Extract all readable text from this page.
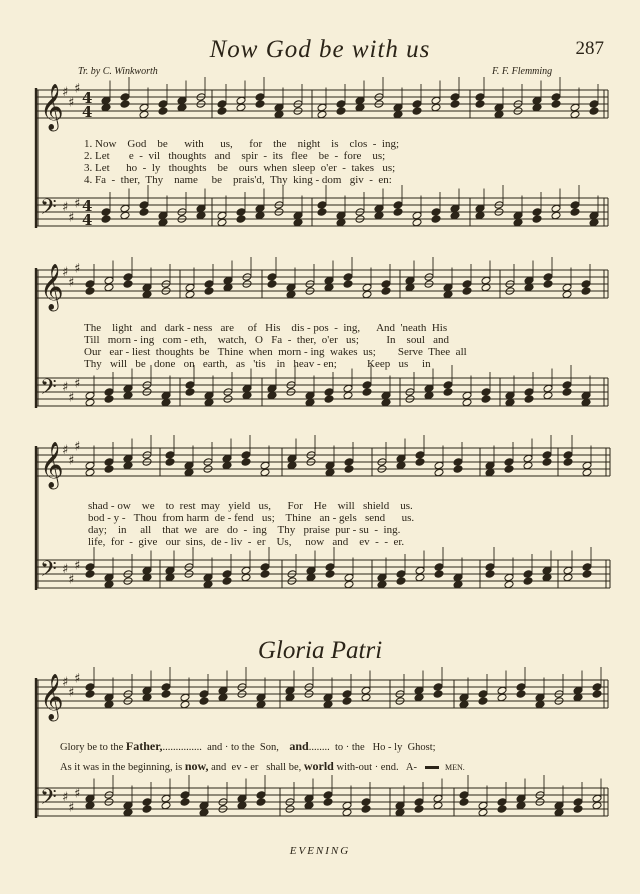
Now God be with us	287
Tr. by C. Winkworth	F. F. Flemming
𝄞
𝄢
♯
♯
♯
♯
♯
♯
4
4
4
4
𝄞
𝄢
♯
♯
♯
♯
♯
♯
𝄞
𝄢
♯
♯
♯
♯
♯
♯
𝄞
𝄢
♯
♯
♯
♯
♯
♯
1. Now    God    be      with      us,      for    the    night    is    clos  -  ing;
2. Let       e  -  vil   thoughts   and    spir  -  its   flee    be  -  fore    us;
3. Let      ho  -  ly   thoughts    be    ours  when  sleep  o'er  -  takes   us;
4. Fa  -  ther,  Thy    name     be    prais'd,  Thy  king - dom   giv  -  en:
The    light   and   dark - ness   are     of   His    dis - pos  -  ing,      And  'neath  His
Till   morn - ing   com - eth,    watch,   O   Fa  -  ther,  o'er   us;          In    soul   and
Our   ear - liest  thoughts  be   Thine  when  morn - ing  wakes  us;        Serve  Thee  all
Thy   will   be   done   on   earth,   as   'tis    in   heav - en;           Keep   us     in
shad - ow    we    to  rest  may   yield   us,      For    He    will   shield    us.
bod - y -   Thou  from harm  de - fend   us;    Thine   an - gels   send      us.
day;    in     all    that  we   are   do  -  ing    Thy   praise  pur - su  -  ing.
life,  for  -  give   our  sins,  de - liv  -  er    Us,     now   and    ev  -  -  er.
Gloria Patri
Glory be to the Father,...............  and · to the  Son,    and........  to · the   Ho - ly  Ghost;
As it was in the beginning, is now, and  ev - er   shall be, world with-out · end.   A-	MEN.
EVENING
